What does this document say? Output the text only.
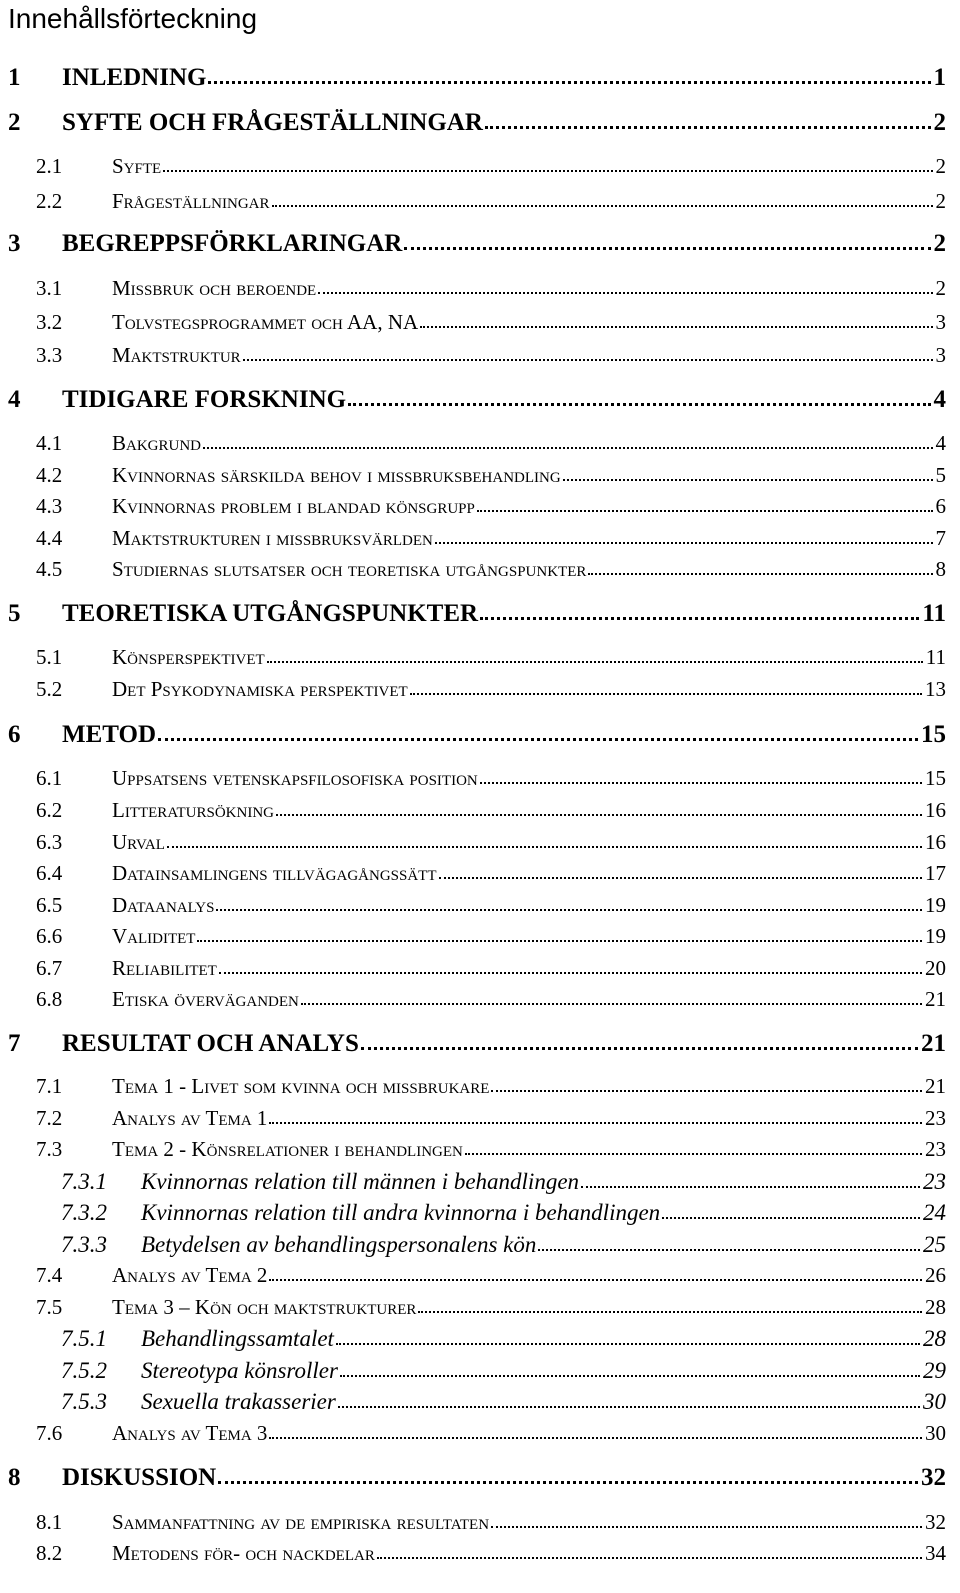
Innehållsförteckning
1	INLEDNING	1
2	SYFTE OCH FRÅGESTÄLLNINGAR	2
2.1	Syfte	2
2.2	Frågeställningar	2
3	BEGREPPSFÖRKLARINGAR	2
3.1	Missbruk och beroende	2
3.2	Tolvstegsprogrammet och AA, NA	3
3.3	Maktstruktur	3
4	TIDIGARE FORSKNING	4
4.1	Bakgrund	4
4.2	Kvinnornas särskilda behov i missbruksbehandling	5
4.3	Kvinnornas problem i blandad könsgrupp	6
4.4	Maktstrukturen i missbruksvärlden	7
4.5	Studiernas slutsatser och teoretiska utgångspunkter	8
5	TEORETISKA UTGÅNGSPUNKTER	11
5.1	Könsperspektivet	11
5.2	Det Psykodynamiska perspektivet	13
6	METOD	15
6.1	Uppsatsens vetenskapsfilosofiska position	15
6.2	Litteratursökning	16
6.3	Urval	16
6.4	Datainsamlingens tillvägagångssätt	17
6.5	Dataanalys	19
6.6	Validitet	19
6.7	Reliabilitet	20
6.8	Etiska överväganden	21
7	RESULTAT OCH ANALYS	21
7.1	Tema 1 - Livet som kvinna och missbrukare	21
7.2	Analys av Tema 1	23
7.3	Tema 2 - Könsrelationer i behandlingen	23
7.3.1	Kvinnornas relation till männen i behandlingen	23
7.3.2	Kvinnornas relation till andra kvinnorna i behandlingen	24
7.3.3	Betydelsen av behandlingspersonalens kön	25
7.4	Analys av Tema 2	26
7.5	Tema 3 – Kön och maktstrukturer	28
7.5.1	Behandlingssamtalet	28
7.5.2	Stereotypa könsroller	29
7.5.3	Sexuella trakasserier	30
7.6	Analys av Tema 3	30
8	DISKUSSION	32
8.1	Sammanfattning av de empiriska resultaten	32
8.2	Metodens för- och nackdelar	34
